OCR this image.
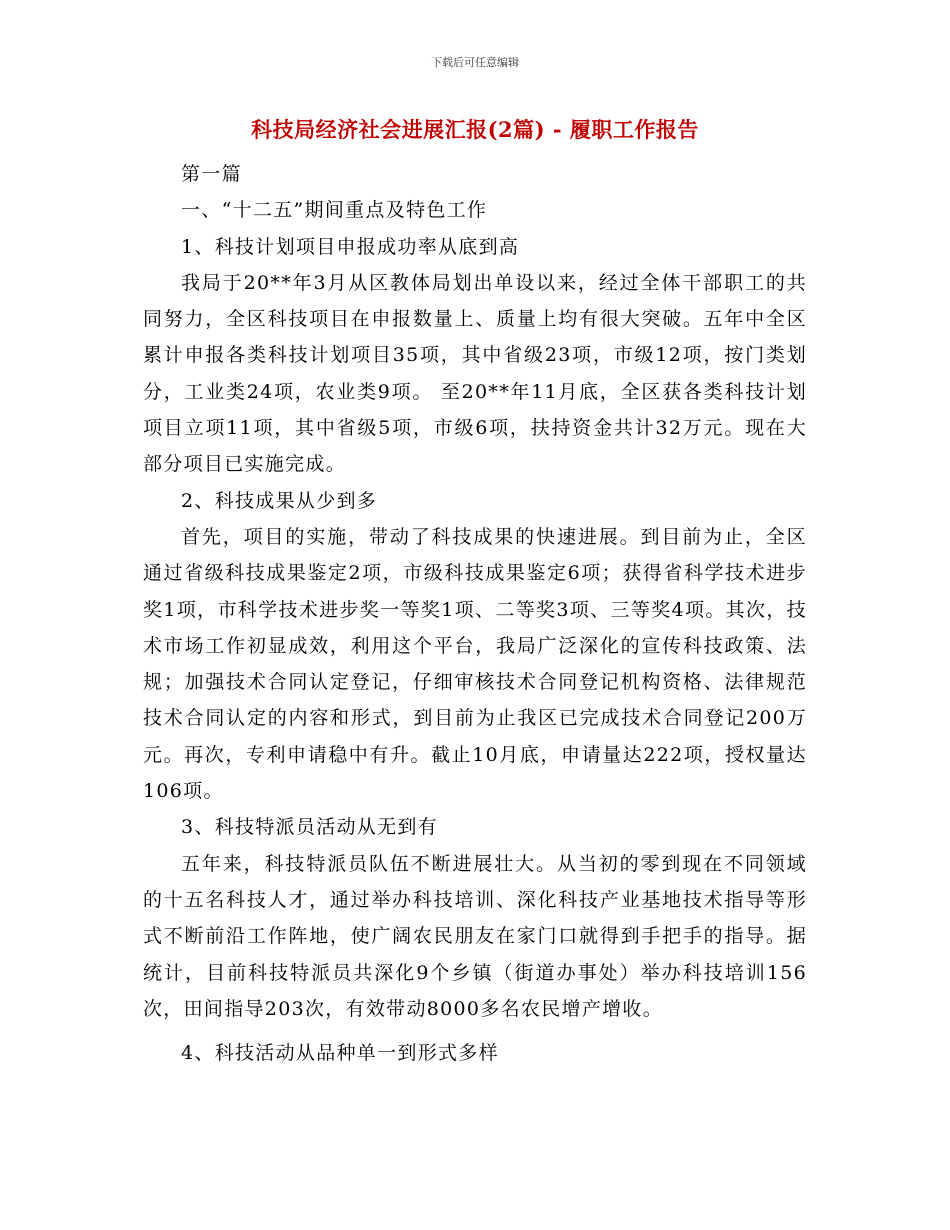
下载后可任意编辑
科技局经济社会进展汇报(2篇) - 履职工作报告

第一篇

一、“十二五”期间重点及特色工作

1、科技计划项目申报成功率从底到高

我局于20**年3月从区教体局划出单设以来，经过全体干部职工的共同努力，全区科技项目在申报数量上、质量上均有很大突破。五年中全区累计申报各类科技计划项目35项，其中省级23项，市级12项，按门类划分，工业类24项，农业类9项。 至20**年11月底，全区获各类科技计划项目立项11项，其中省级5项，市级6项，扶持资金共计32万元。现在大部分项目已实施完成。

2、科技成果从少到多

首先，项目的实施，带动了科技成果的快速进展。到目前为止，全区通过省级科技成果鉴定2项，市级科技成果鉴定6项；获得省科学技术进步奖1项，市科学技术进步奖一等奖1项、二等奖3项、三等奖4项。其次，技术市场工作初显成效，利用这个平台，我局广泛深化的宣传科技政策、法规；加强技术合同认定登记，仔细审核技术合同登记机构资格、法律规范技术合同认定的内容和形式，到目前为止我区已完成技术合同登记200万元。再次，专利申请稳中有升。截止10月底，申请量达222项，授权量达106项。

3、科技特派员活动从无到有

五年来，科技特派员队伍不断进展壮大。从当初的零到现在不同领域的十五名科技人才，通过举办科技培训、深化科技产业基地技术指导等形式不断前沿工作阵地，使广阔农民朋友在家门口就得到手把手的指导。据统计，目前科技特派员共深化9个乡镇（街道办事处）举办科技培训156次，田间指导203次，有效带动8000多名农民增产增收。

4、科技活动从品种单一到形式多样
